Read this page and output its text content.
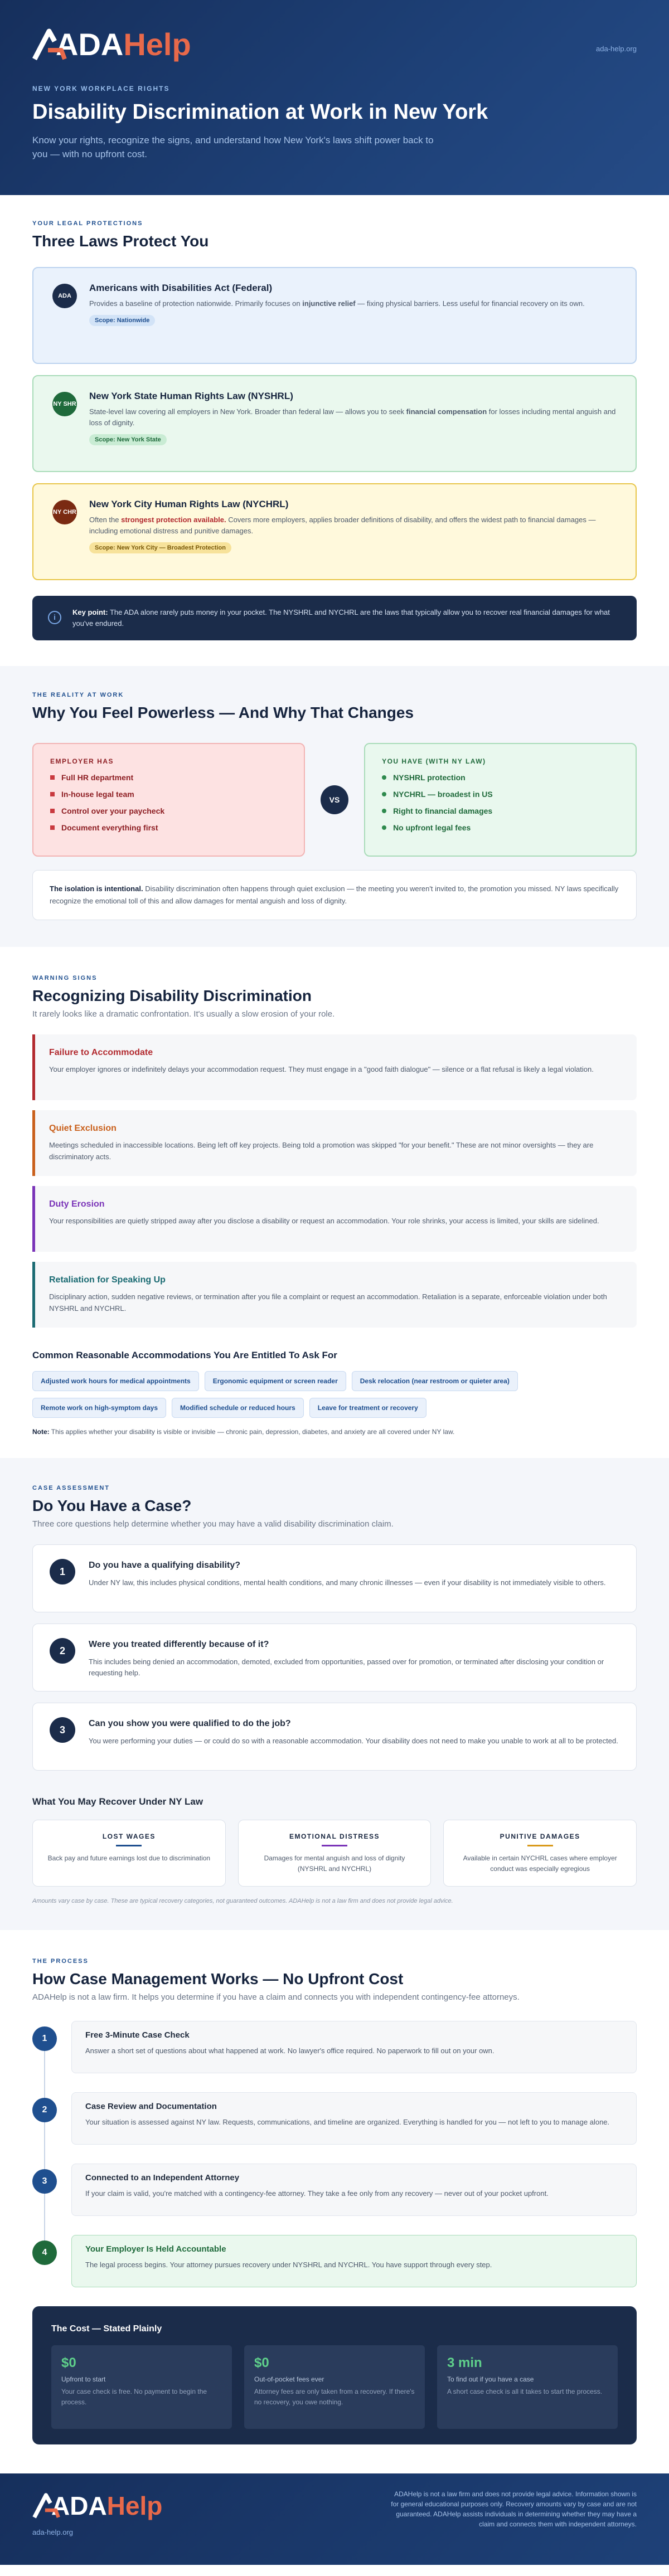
ADA Help	ada-help.org
NEW YORK WORKPLACE RIGHTS
Disability Discrimination at Work in New York
Know your rights, recognize the signs, and understand how New York's laws shift power back to you — with no upfront cost.
YOUR LEGAL PROTECTIONS
Three Laws Protect You
ADA
Americans with Disabilities Act (Federal)

Provides a baseline of protection nationwide. Primarily focuses on injunctive relief — fixing physical barriers. Less useful for financial recovery on its own.

Scope: Nationwide
NY SHR
New York State Human Rights Law (NYSHRL)

State-level law covering all employers in New York. Broader than federal law — allows you to seek financial compensation for losses including mental anguish and loss of dignity.

Scope: New York State
NY CHR
New York City Human Rights Law (NYCHRL)

Often the strongest protection available. Covers more employers, applies broader definitions of disability, and offers the widest path to financial damages — including emotional distress and punitive damages.

Scope: New York City — Broadest Protection
i
Key point: The ADA alone rarely puts money in your pocket. The NYSHRL and NYCHRL are the laws that typically allow you to recover real financial damages for what you've endured.
THE REALITY AT WORK
Why You Feel Powerless — And Why That Changes
EMPLOYER HAS
Full HR department
In-house legal team
Control over your paycheck
Document everything first
VS
YOU HAVE (WITH NY LAW)
NYSHRL protection
NYCHRL — broadest in US
Right to financial damages
No upfront legal fees
The isolation is intentional. Disability discrimination often happens through quiet exclusion — the meeting you weren't invited to, the promotion you missed. NY laws specifically recognize the emotional toll of this and allow damages for mental anguish and loss of dignity.
WARNING SIGNS
Recognizing Disability Discrimination
It rarely looks like a dramatic confrontation. It's usually a slow erosion of your role.
Failure to Accommodate

Your employer ignores or indefinitely delays your accommodation request. They must engage in a "good faith dialogue" — silence or a flat refusal is likely a legal violation.

Quiet Exclusion

Meetings scheduled in inaccessible locations. Being left off key projects. Being told a promotion was skipped "for your benefit." These are not minor oversights — they are discriminatory acts.

Duty Erosion

Your responsibilities are quietly stripped away after you disclose a disability or request an accommodation. Your role shrinks, your access is limited, your skills are sidelined.

Retaliation for Speaking Up

Disciplinary action, sudden negative reviews, or termination after you file a complaint or request an accommodation. Retaliation is a separate, enforceable violation under both NYSHRL and NYCHRL.

Common Reasonable Accommodations You Are Entitled To Ask For
Adjusted work hours for medical appointments	Ergonomic equipment or screen reader	Desk relocation (near restroom or quieter area)
Remote work on high-symptom days	Modified schedule or reduced hours	Leave for treatment or recovery
Note: This applies whether your disability is visible or invisible — chronic pain, depression, diabetes, and anxiety are all covered under NY law.
CASE ASSESSMENT
Do You Have a Case?
Three core questions help determine whether you may have a valid disability discrimination claim.
1
Do you have a qualifying disability?

Under NY law, this includes physical conditions, mental health conditions, and many chronic illnesses — even if your disability is not immediately visible to others.

2
Were you treated differently because of it?

This includes being denied an accommodation, demoted, excluded from opportunities, passed over for promotion, or terminated after disclosing your condition or requesting help.

3
Can you show you were qualified to do the job?

You were performing your duties — or could do so with a reasonable accommodation. Your disability does not need to make you unable to work at all to be protected.

What You May Recover Under NY Law
LOST WAGES

Back pay and future earnings lost due to discrimination

EMOTIONAL DISTRESS

Damages for mental anguish and loss of dignity (NYSHRL and NYCHRL)

PUNITIVE DAMAGES

Available in certain NYCHRL cases where employer conduct was especially egregious

Amounts vary case by case. These are typical recovery categories, not guaranteed outcomes. ADAHelp is not a law firm and does not provide legal advice.
THE PROCESS
How Case Management Works — No Upfront Cost
ADAHelp is not a law firm. It helps you determine if you have a claim and connects you with independent contingency-fee attorneys.
1	Free 3-Minute Case Check

Answer a short set of questions about what happened at work. No lawyer's office required. No paperwork to fill out on your own.

2	Case Review and Documentation

Your situation is assessed against NY law. Requests, communications, and timeline are organized. Everything is handled for you — not left to you to manage alone.

3	Connected to an Independent Attorney

If your claim is valid, you're matched with a contingency-fee attorney. They take a fee only from any recovery — never out of your pocket upfront.

4	Your Employer Is Held Accountable

The legal process begins. Your attorney pursues recovery under NYSHRL and NYCHRL. You have support through every step.

The Cost — Stated Plainly
$0
Upfront to start

Your case check is free. No payment to begin the process.

$0
Out-of-pocket fees ever

Attorney fees are only taken from a recovery. If there's no recovery, you owe nothing.

3 min
To find out if you have a case

A short case check is all it takes to start the process.

ADA Help
ada-help.org
ADAHelp is not a law firm and does not provide legal advice. Information shown is for general educational purposes only. Recovery amounts vary by case and are not guaranteed. ADAHelp assists individuals in determining whether they may have a claim and connects them with independent attorneys.
